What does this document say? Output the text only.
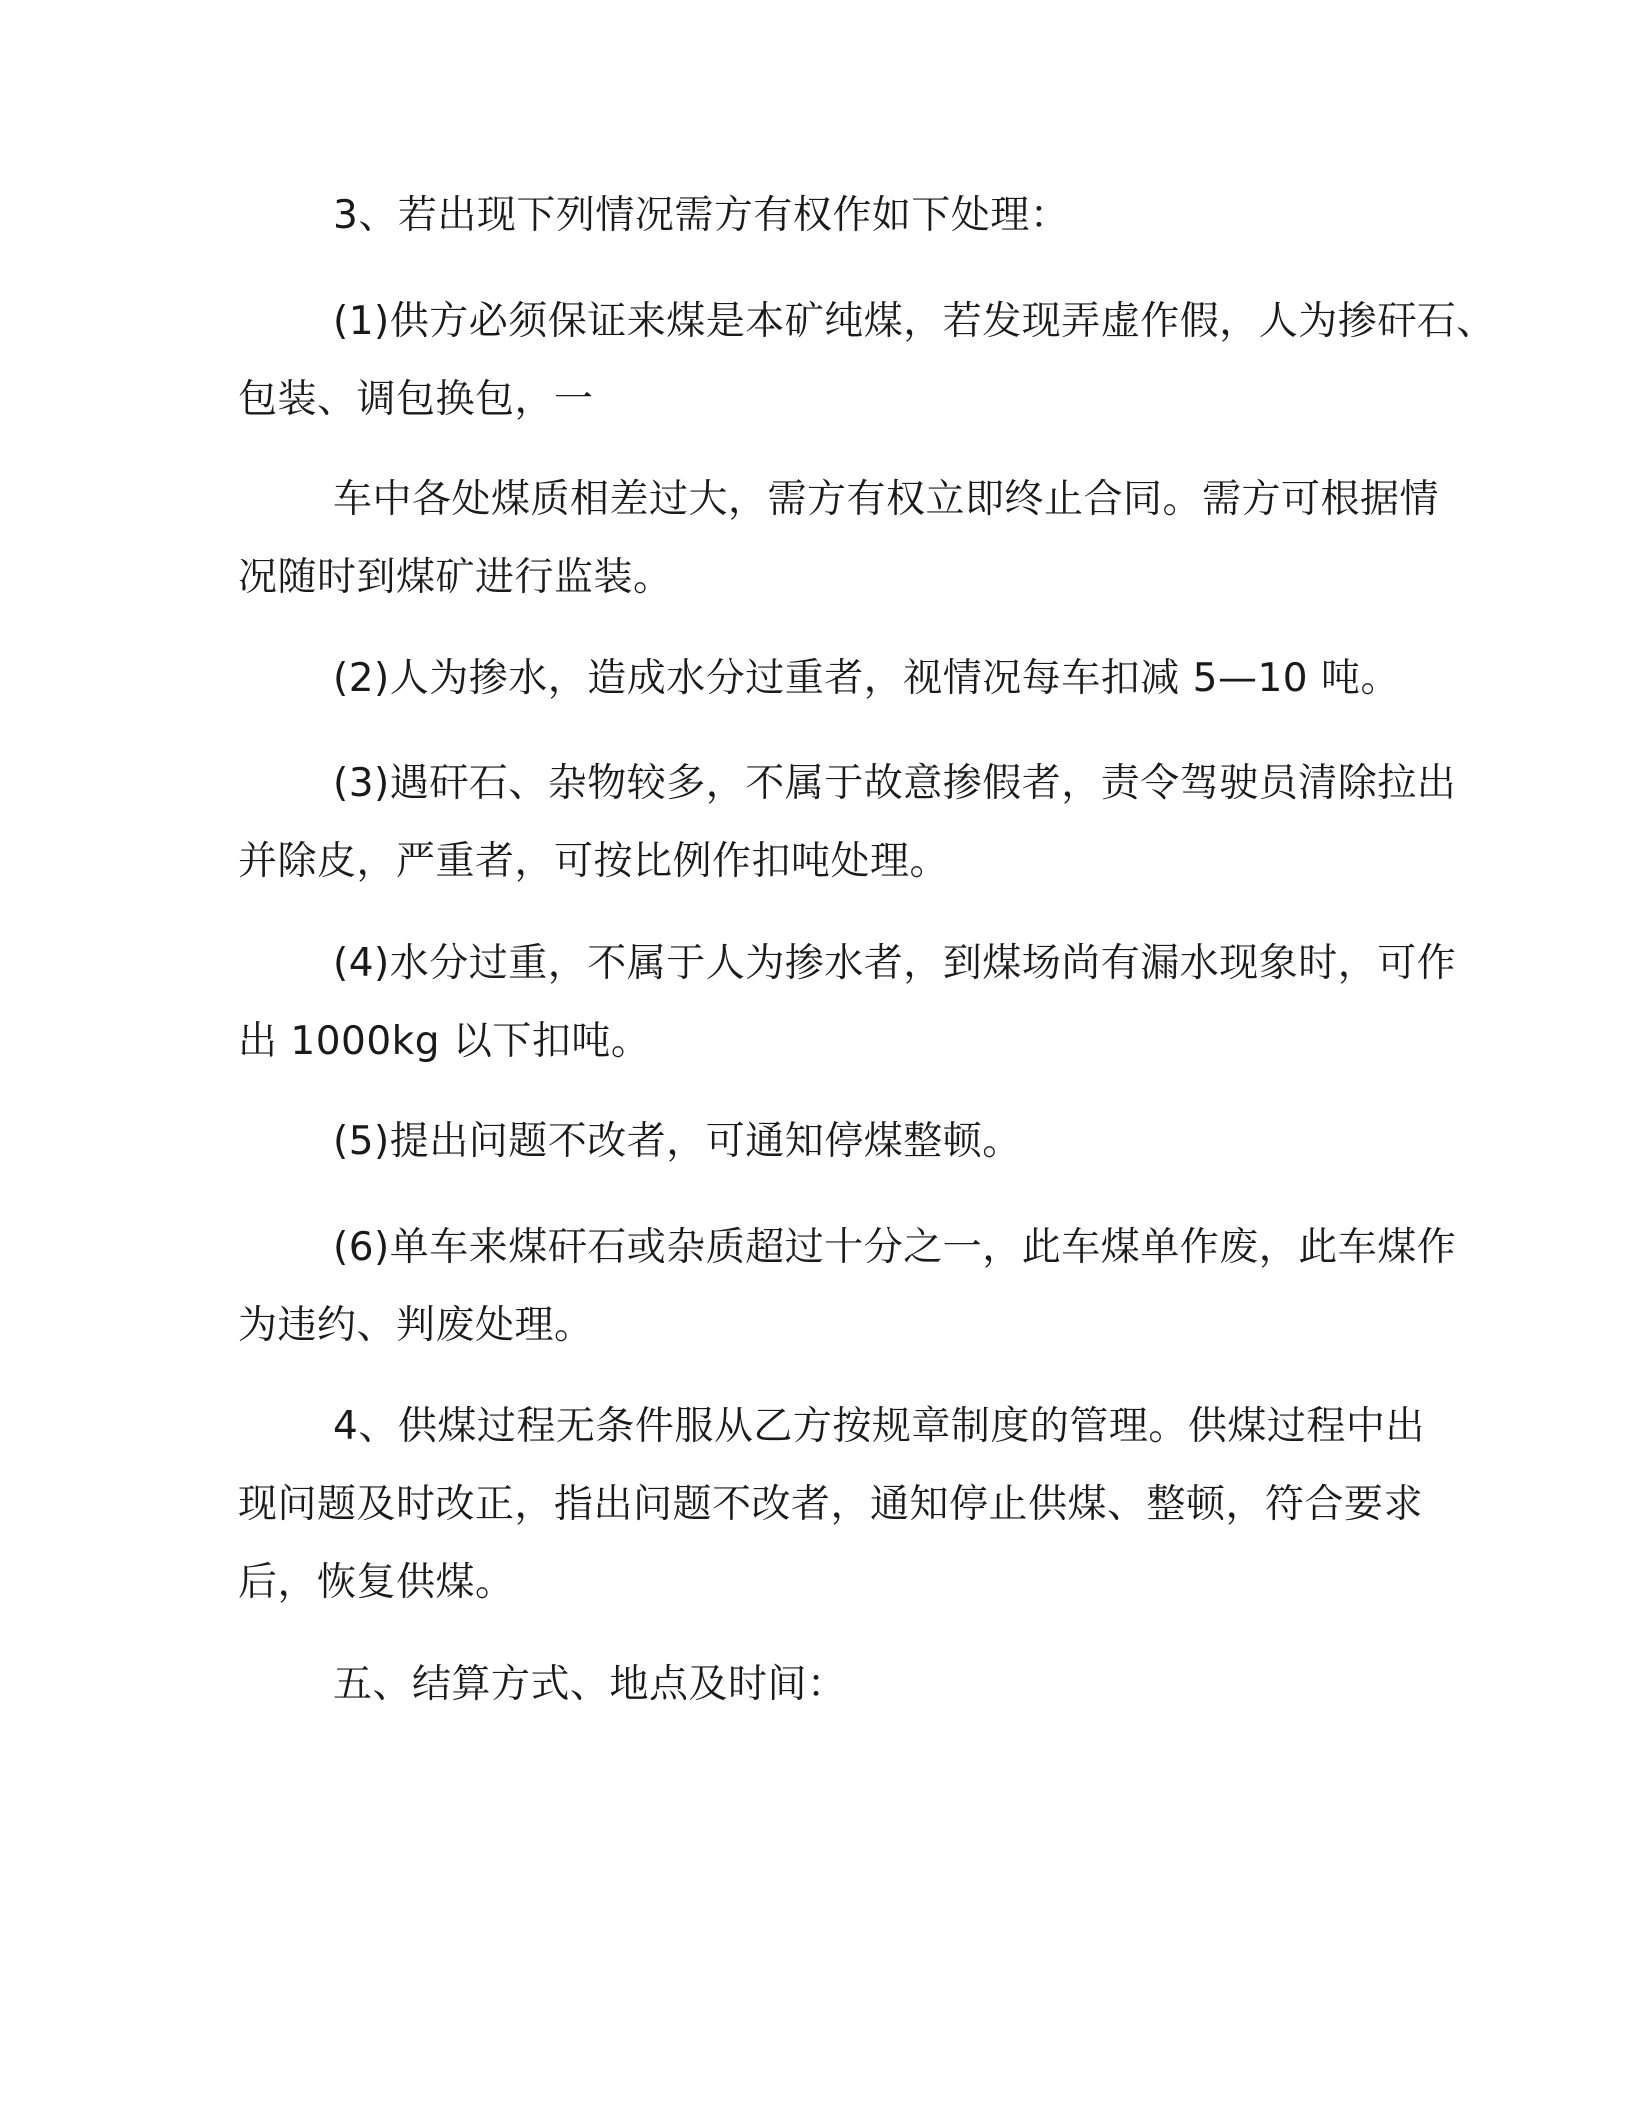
3、若出现下列情况需方有权作如下处理：
(1)供方必须保证来煤是本矿纯煤，若发现弄虚作假，人为掺矸石、
包装、调包换包，一
车中各处煤质相差过大，需方有权立即终止合同。需方可根据情
况随时到煤矿进行监装。
(2)人为掺水，造成水分过重者，视情况每车扣减 5—10 吨。
(3)遇矸石、杂物较多，不属于故意掺假者，责令驾驶员清除拉出
并除皮，严重者，可按比例作扣吨处理。
(4)水分过重，不属于人为掺水者，到煤场尚有漏水现象时，可作
出 1000kg 以下扣吨。
(5)提出问题不改者，可通知停煤整顿。
(6)单车来煤矸石或杂质超过十分之一，此车煤单作废，此车煤作
为违约、判废处理。
4、供煤过程无条件服从乙方按规章制度的管理。供煤过程中出
现问题及时改正，指出问题不改者，通知停止供煤、整顿，符合要求
后，恢复供煤。
五、结算方式、地点及时间：
